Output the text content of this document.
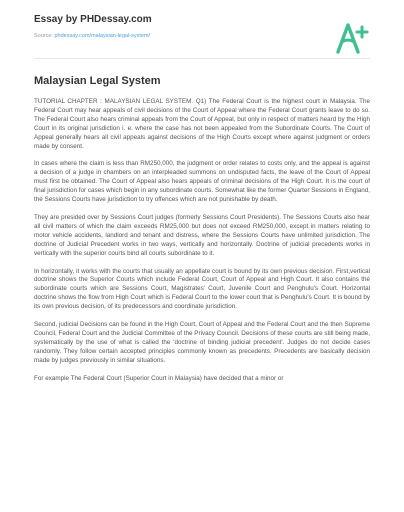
Essay by PHDessay.com
Source: phdessay.com/malaysian-legal-system/
Malaysian Legal System

TUTORIAL CHAPTER : MALAYSIAN LEGAL SYSTEM. Q1) The Federal Court is the highest court in Malaysia. The Federal Court may hear appeals of civil decisions of the Court of Appeal where the Federal Court grants leave to do so. The Federal Court also hears criminal appeals from the Court of Appeal, but only in respect of matters heard by the High Court in its original jurisdiction i. e. where the case has not been appealed from the Subordinate Courts. The Court of Appeal generally hears all civil appeals against decisions of the High Courts except where against judgment or orders made by consent.

In cases where the claim is less than RM250,000, the judgment or order relates to costs only, and the appeal is against a decision of a judge in chambers on an interpleaded summons on undisputed facts, the leave of the Court of Appeal must first be obtained. The Court of Appeal also hears appeals of criminal decisions of the High Court. It is the court of final jurisdiction for cases which begin in any subordinate courts. Somewhat like the former Quarter Sessions in England, the Sessions Courts have jurisdiction to try offences which are not punishable by death.

They are presided over by Sessions Court judges (formerly Sessions Court Presidents). The Sessions Courts also hear all civil matters of which the claim exceeds RM25,000 but does not exceed RM250,000, except in matters relating to motor vehicle accidents, landlord and tenant and distress, where the Sessions Courts have unlimited jurisdiction. The doctrine of Judicial Precedent works in two ways, vertically and horizontally. Doctrine of judicial precedents works in vertically with the superior courts bind all courts subordinate to it.

In horizontally, it works with the courts that usually an appellate court is bound by its own previous decision. First,vertical doctrine shows the Superior Courts which include Federal Court, Court of Appeal and High Court. It also contains the subordinate courts which are Sessions Court, Magistrates' Court, Juvenile Court and Penghulu's Court. Horizontal doctrine shows the flow from High Court which is Federal Court to the lower court that is Penghulu's Court. It is bound by its own previous decision, of its predecessors and coordinate jurisdiction.

Second, judicial Decisions can be found in the High Court, Court of Appeal and the Federal Court and the then Supreme Council, Federal Court and the Judicial Committee of the Privacy Council. Decisions of these courts are still being made, systematically by the use of what is called the 'doctrine of binding judicial precedent'. Judges do not decide cases randomly. They follow certain accepted principles commonly known as precedents. Precedents are basically decision made by judges previously in similar situations.

For example The Federal Court (Superior Court in Malaysia) have decided that a minor or
